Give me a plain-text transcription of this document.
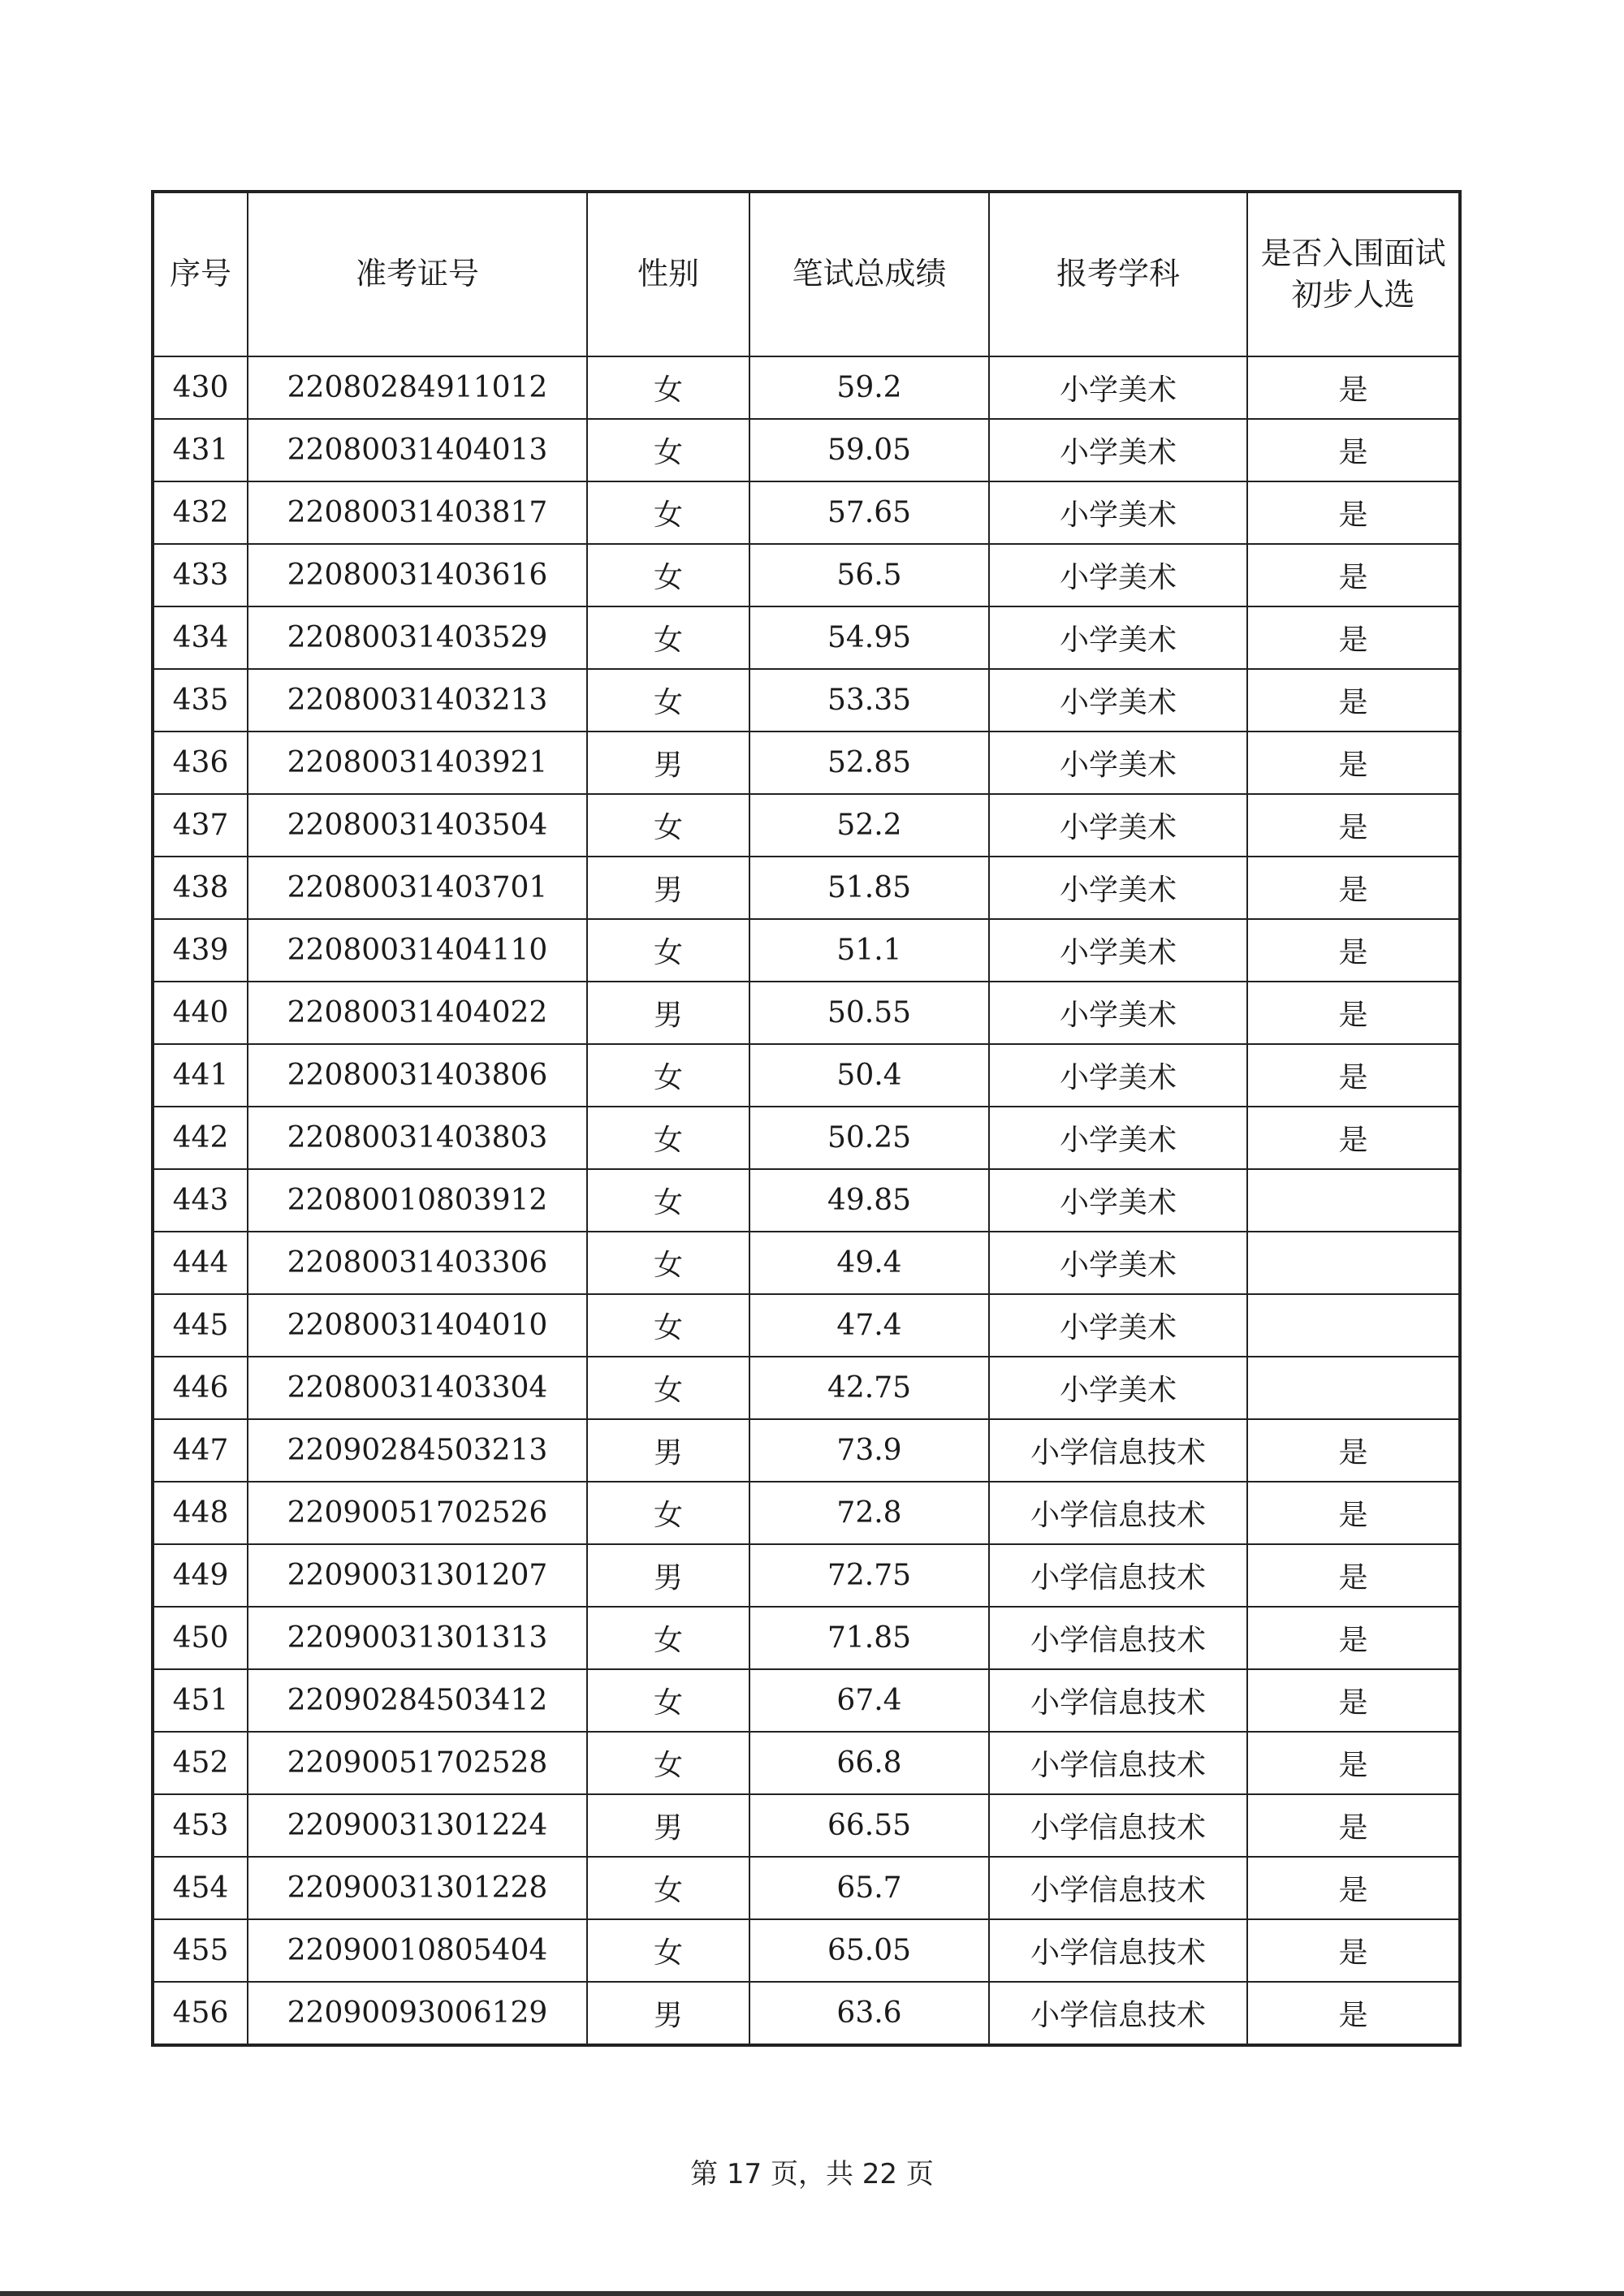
序号	准考证号	性别	笔试总成绩	报考学科	是否入围面试初步人选
430	22080284911012	女	59.2	小学美术	是
431	22080031404013	女	59.05	小学美术	是
432	22080031403817	女	57.65	小学美术	是
433	22080031403616	女	56.5	小学美术	是
434	22080031403529	女	54.95	小学美术	是
435	22080031403213	女	53.35	小学美术	是
436	22080031403921	男	52.85	小学美术	是
437	22080031403504	女	52.2	小学美术	是
438	22080031403701	男	51.85	小学美术	是
439	22080031404110	女	51.1	小学美术	是
440	22080031404022	男	50.55	小学美术	是
441	22080031403806	女	50.4	小学美术	是
442	22080031403803	女	50.25	小学美术	是
443	22080010803912	女	49.85	小学美术	
444	22080031403306	女	49.4	小学美术	
445	22080031404010	女	47.4	小学美术	
446	22080031403304	女	42.75	小学美术	
447	22090284503213	男	73.9	小学信息技术	是
448	22090051702526	女	72.8	小学信息技术	是
449	22090031301207	男	72.75	小学信息技术	是
450	22090031301313	女	71.85	小学信息技术	是
451	22090284503412	女	67.4	小学信息技术	是
452	22090051702528	女	66.8	小学信息技术	是
453	22090031301224	男	66.55	小学信息技术	是
454	22090031301228	女	65.7	小学信息技术	是
455	22090010805404	女	65.05	小学信息技术	是
456	22090093006129	男	63.6	小学信息技术	是
第 17 页，共 22 页
